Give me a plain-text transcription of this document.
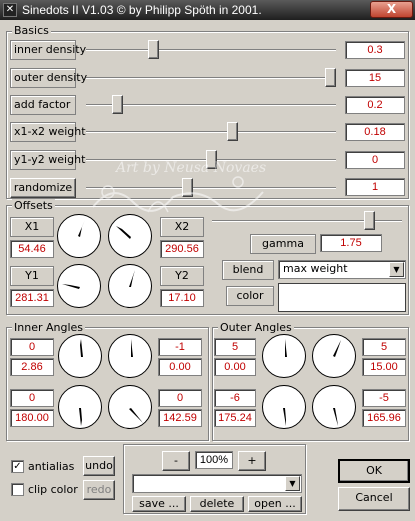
✕ Sinedots II V1.03 © by Philipp Spöth in 2001.	X
Basics
inner density	0.3
outer density	15
add factor	0.2
x1-x2 weight	0.18
y1-y2 weight	0
randomize	1
Offsets
X1
54.46
Y1
281.31
X2
290.56
Y2
17.10
gamma	1.75
blend	max weight	▼
color
Inner Angles
0
2.86
-1
0.00
0
180.00
0
142.59
Outer Angles
5
0.00
5
15.00
-6
175.24
-5
165.96
✓ antialias
clip color
undo
redo
-	100%	+
▼
save ...	delete	open ...
OK
Cancel
Art by Neusa Novaes
